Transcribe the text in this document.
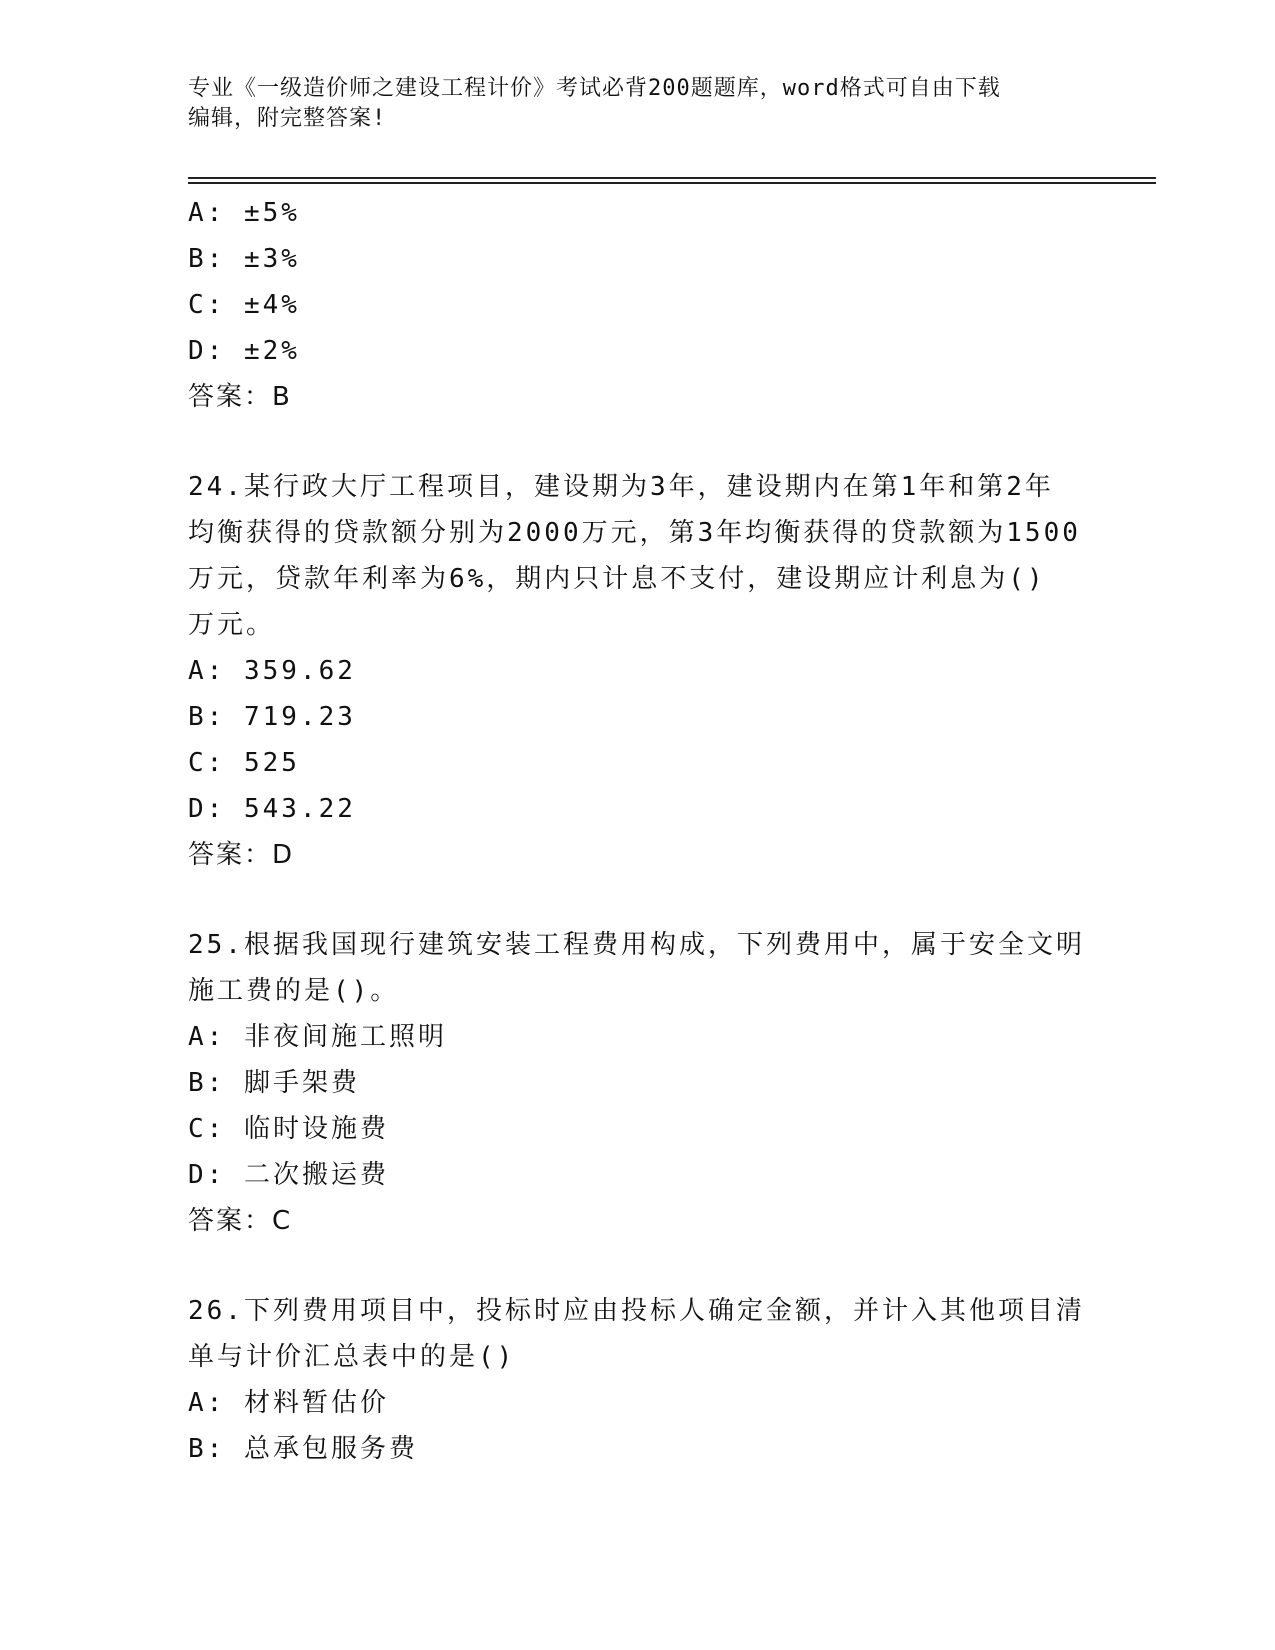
专业《一级造价师之建设工程计价》考试必背200题题库，word格式可自由下载
编辑，附完整答案!
A: ±5%
B: ±3%
C: ±4%
D: ±2%
答案：B
24.某行政大厅工程项目，建设期为3年，建设期内在第1年和第2年
均衡获得的贷款额分别为2000万元，第3年均衡获得的贷款额为1500
万元，贷款年利率为6%，期内只计息不支付，建设期应计利息为()
万元。
A: 359.62
B: 719.23
C: 525
D: 543.22
答案：D
25.根据我国现行建筑安装工程费用构成，下列费用中，属于安全文明
施工费的是()。
A: 非夜间施工照明
B: 脚手架费
C: 临时设施费
D: 二次搬运费
答案：C
26.下列费用项目中，投标时应由投标人确定金额，并计入其他项目清
单与计价汇总表中的是()
A: 材料暂估价
B: 总承包服务费
